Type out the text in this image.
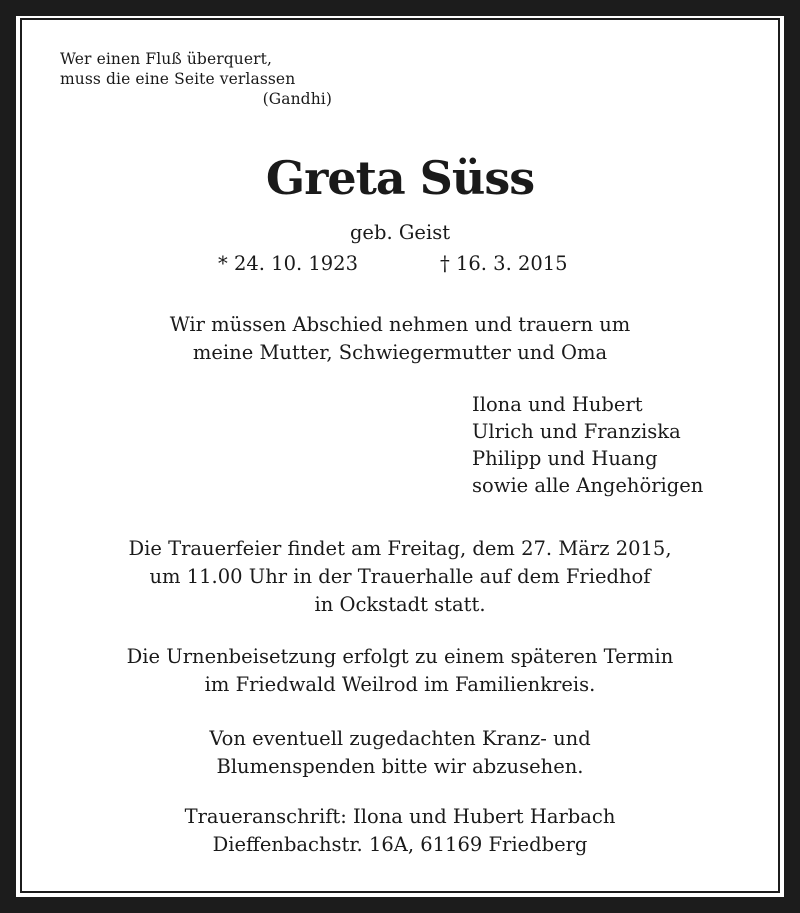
Wer einen Fluß überquert,
muss die eine Seite verlassen
(Gandhi)
Greta Süss
geb. Geist
* 24. 10. 1923	† 16. 3. 2015
Wir müssen Abschied nehmen und trauern um
meine Mutter, Schwiegermutter und Oma
Ilona und Hubert
Ulrich und Franziska
Philipp und Huang
sowie alle Angehörigen
Die Trauerfeier findet am Freitag, dem 27. März 2015,
um 11.00 Uhr in der Trauerhalle auf dem Friedhof
in Ockstadt statt.
Die Urnenbeisetzung erfolgt zu einem späteren Termin
im Friedwald Weilrod im Familienkreis.
Von eventuell zugedachten Kranz- und
Blumenspenden bitte wir abzusehen.
Traueranschrift: Ilona und Hubert Harbach
Dieffenbachstr. 16A, 61169 Friedberg
